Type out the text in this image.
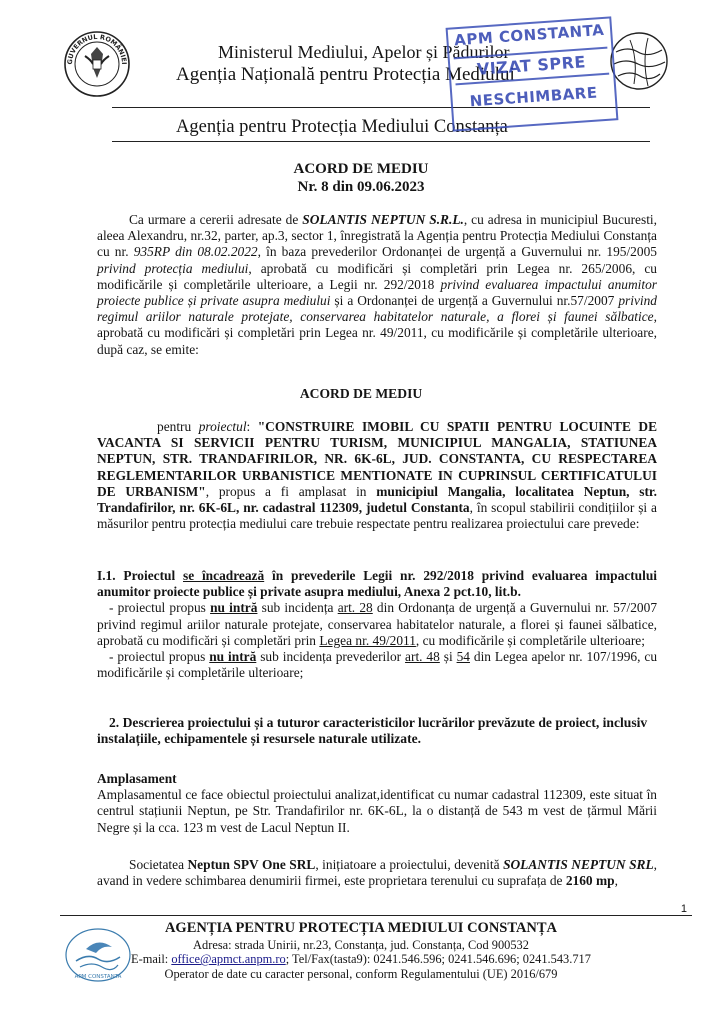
GUVERNUL ROMÂNIEI
Ministerul Mediului, Apelor și Pădurilor
Agenția Națională pentru Protecția Mediului
Agenția pentru Protecția Mediului Constanța
APM CONSTANTA
VIZAT SPRE
NESCHIMBARE
ACORD DE MEDIU
Nr. 8 din 09.06.2023

Ca urmare a cererii adresate de SOLANTIS NEPTUN S.R.L., cu adresa in municipiul Bucuresti, aleea Alexandru, nr.32, parter, ap.3, sector 1, înregistrată la Agenția pentru Protecția Mediului Constanța cu nr. 935RP din 08.02.2022, în baza prevederilor Ordonanței de urgență a Guvernului nr. 195/2005 privind protecția mediului, aprobată cu modificări și completări prin Legea nr. 265/2006, cu modificările și completările ulterioare, a Legii nr. 292/2018 privind evaluarea impactului anumitor proiecte publice și private asupra mediului și a Ordonanței de urgență a Guvernului nr.57/2007 privind regimul ariilor naturale protejate, conservarea habitatelor naturale, a florei și faunei sălbatice, aprobată cu modificări și completări prin Legea nr. 49/2011, cu modificările și completările ulterioare, după caz, se emite:

ACORD DE MEDIU

pentru proiectul: "CONSTRUIRE IMOBIL CU SPATII PENTRU LOCUINTE DE VACANTA SI SERVICII PENTRU TURISM, MUNICIPIUL MANGALIA, STATIUNEA NEPTUN, STR. TRANDAFIRILOR, NR. 6K-6L, JUD. CONSTANTA, CU RESPECTAREA REGLEMENTARILOR URBANISTICE MENTIONATE IN CUPRINSUL CERTIFICATULUI DE URBANISM", propus a fi amplasat in municipiul Mangalia, localitatea Neptun, str. Trandafirilor, nr. 6K-6L, nr. cadastral 112309, judetul Constanta, în scopul stabilirii condițiilor și a măsurilor pentru protecția mediului care trebuie respectate pentru realizarea proiectului care prevede:

I.1. Proiectul se încadrează în prevederile Legii nr. 292/2018 privind evaluarea impactului anumitor proiecte publice și private asupra mediului, Anexa 2 pct.10, lit.b.

- proiectul propus nu intră sub incidența art. 28 din Ordonanța de urgență a Guvernului nr. 57/2007 privind regimul ariilor naturale protejate, conservarea habitatelor naturale, a florei și faunei sălbatice, aprobată cu modificări și completări prin Legea nr. 49/2011, cu modificările și completările ulterioare;

- proiectul propus nu intră sub incidența prevederilor art. 48 și 54 din Legea apelor nr. 107/1996, cu modificările și completările ulterioare;

2. Descrierea proiectului și a tuturor caracteristicilor lucrărilor prevăzute de proiect, inclusiv instalațiile, echipamentele și resursele naturale utilizate.

Amplasament

Amplasamentul ce face obiectul proiectului analizat,identificat cu numar cadastral 112309, este situat în centrul stațiunii Neptun, pe Str. Trandafirilor nr. 6K-6L, la o distanță de 543 m vest de țărmul Mării Negre și la cca. 123 m vest de Lacul Neptun II.

Societatea Neptun SPV One SRL, inițiatoare a proiectului, devenită SOLANTIS NEPTUN SRL, avand in vedere schimbarea denumirii firmei, este proprietara terenului cu suprafața de 2160 mp,

1
APM CONSTANTA
AGENȚIA PENTRU PROTECȚIA MEDIULUI CONSTANȚA
Adresa: strada Unirii, nr.23, Constanța, jud. Constanța, Cod 900532
E-mail: office@apmct.anpm.ro; Tel/Fax(tasta9): 0241.546.596; 0241.546.696; 0241.543.717
Operator de date cu caracter personal, conform Regulamentului (UE) 2016/679
